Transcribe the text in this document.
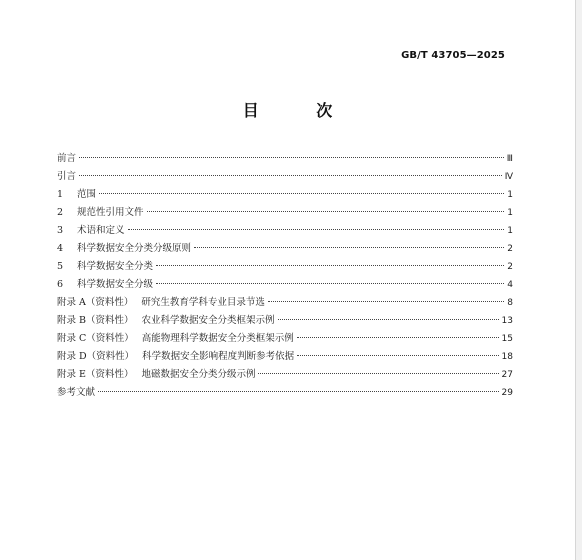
GB/T 43705—2025
目 次
前言	Ⅲ
引言	Ⅳ
1 范围	1
2 规范性引用文件	1
3 术语和定义	1
4 科学数据安全分类分级原则	2
5 科学数据安全分类	2
6 科学数据安全分级	4
附录 A（资料性） 研究生教育学科专业目录节选	8
附录 B（资料性） 农业科学数据安全分类框架示例	13
附录 C（资料性） 高能物理科学数据安全分类框架示例	15
附录 D（资料性） 科学数据安全影响程度判断参考依据	18
附录 E（资料性） 地磁数据安全分类分级示例	27
参考文献	29
